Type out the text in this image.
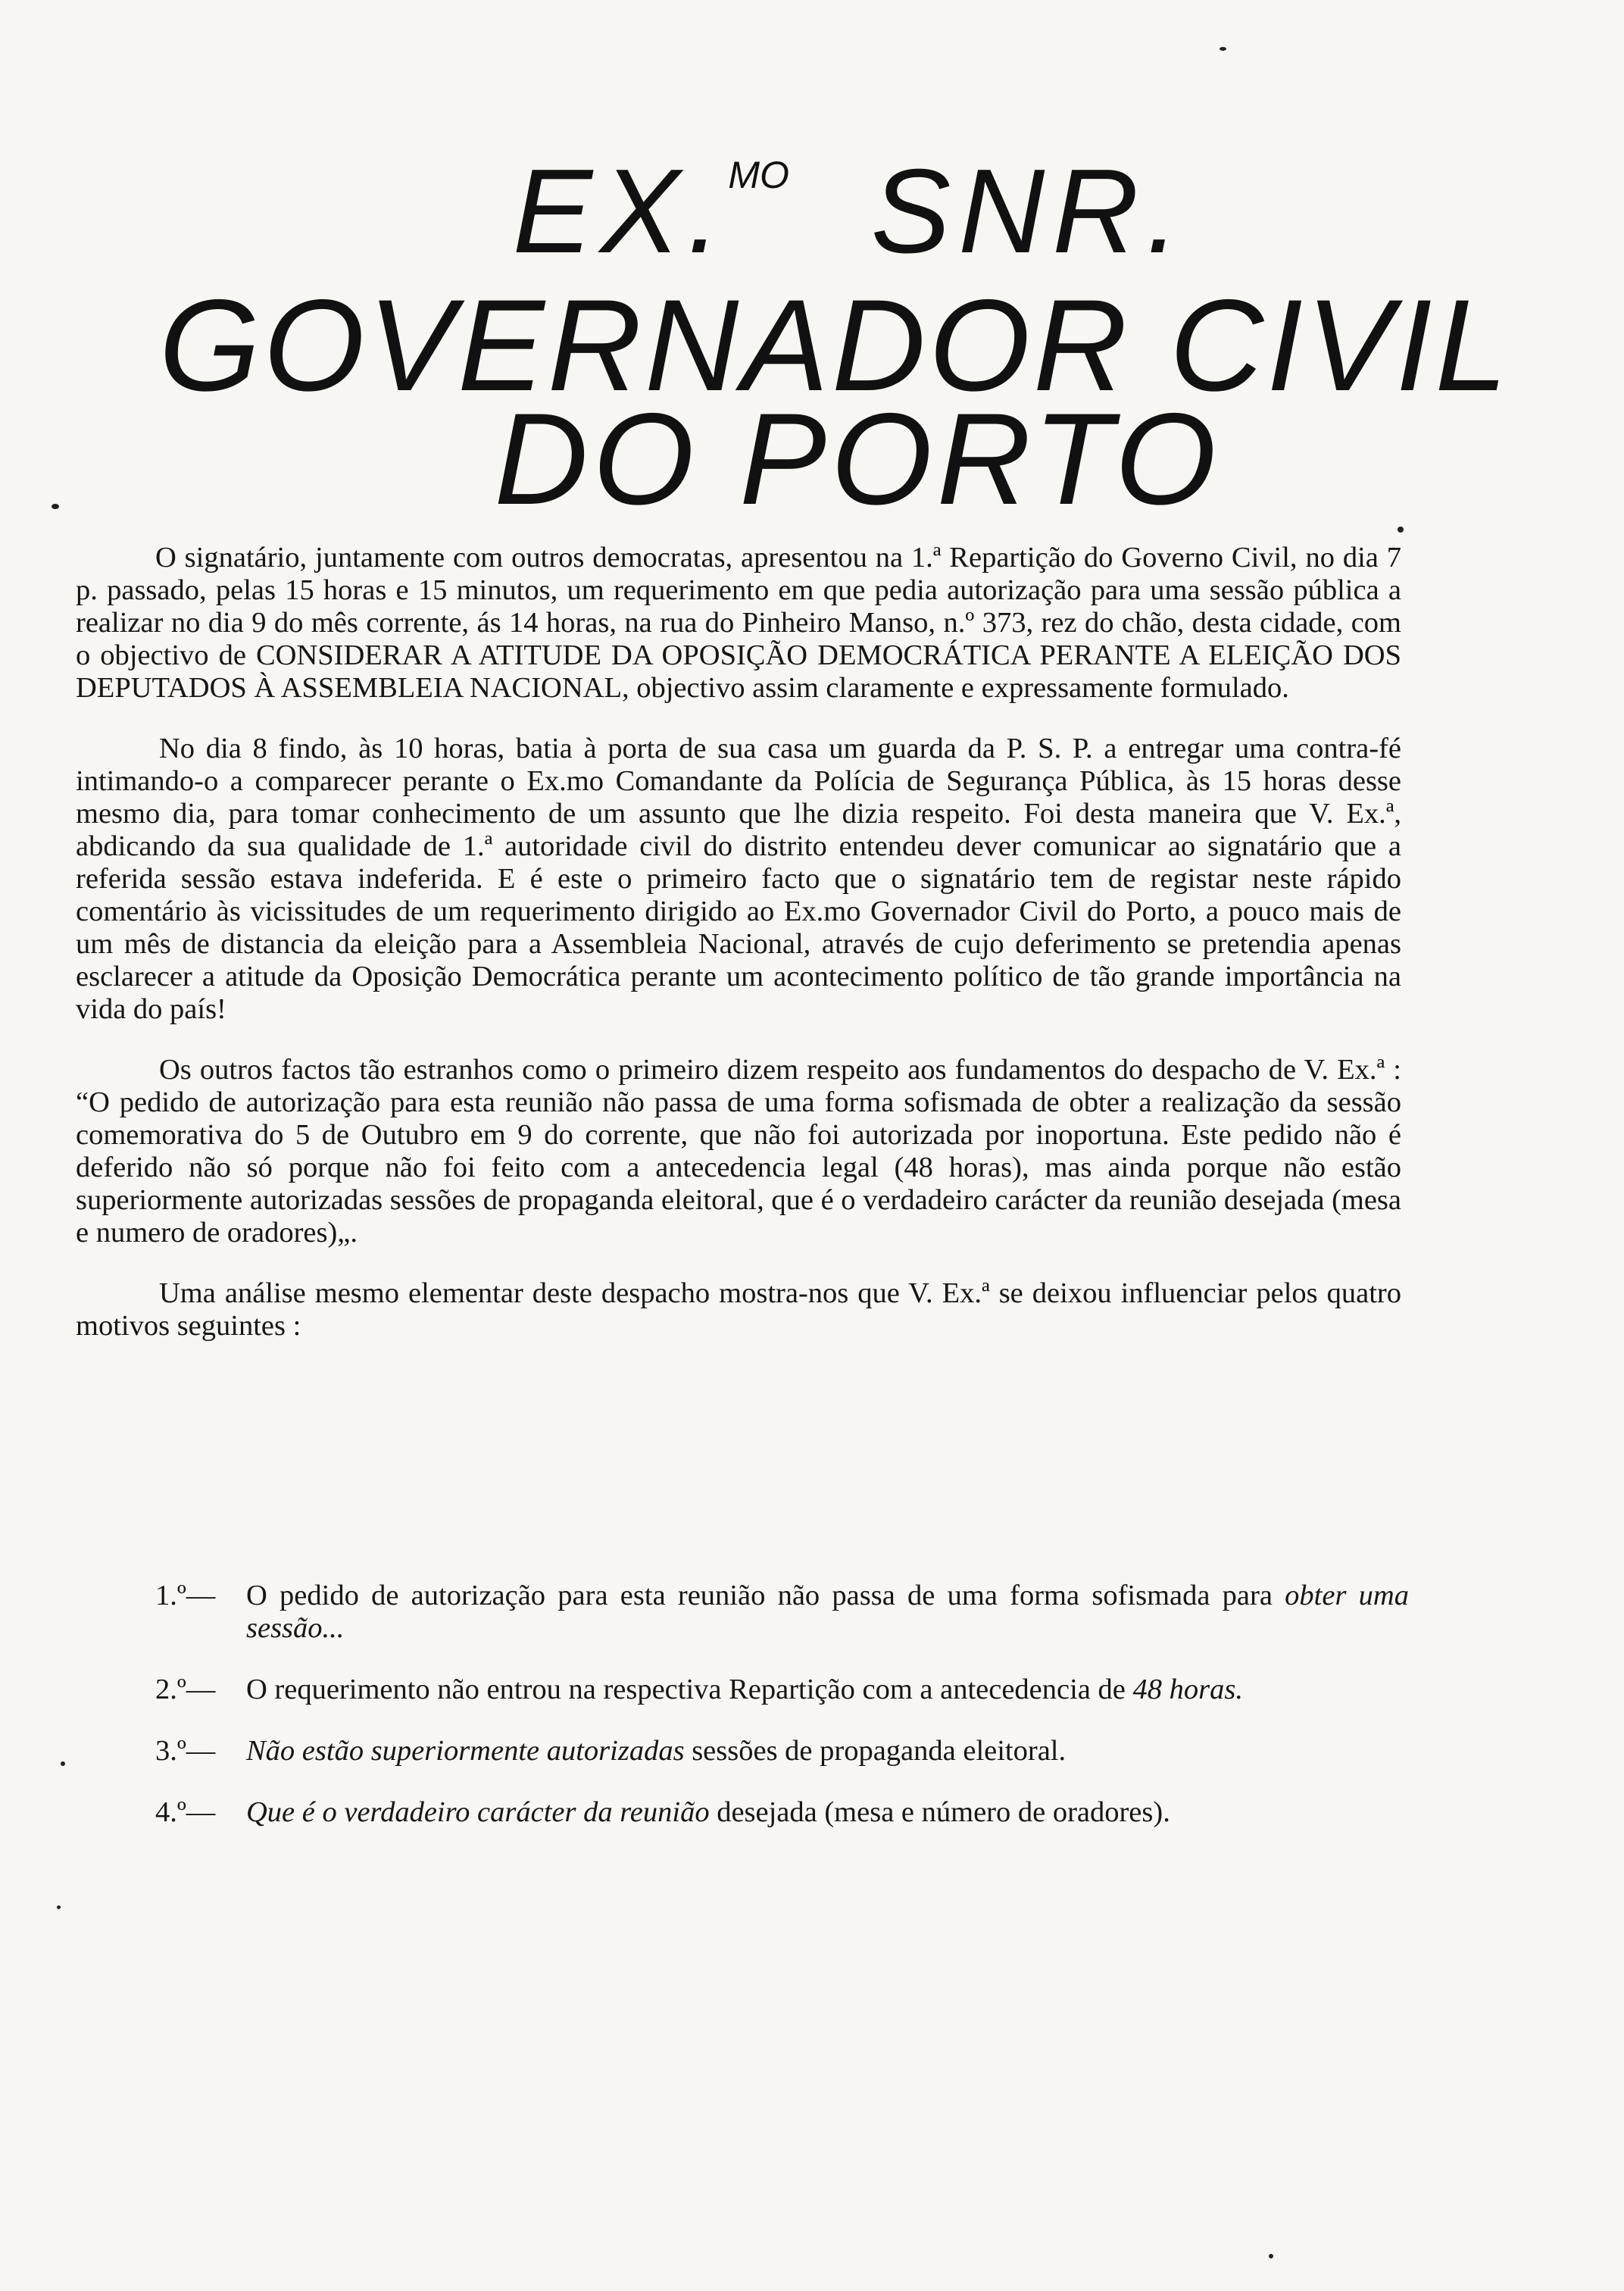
EX.$^{MO}$ SNR.
GOVERNADOR CIVIL
DO PORTO

O signatário, juntamente com outros democratas, apresentou na 1.ª Repartição do Governo Civil, no dia 7 p. passado, pelas 15 horas e 15 minutos, um requerimento em que pedia autorização para uma sessão pública a realizar no dia 9 do mês corrente, ás 14 horas, na rua do Pinheiro Manso, n.º 373, rez do chão, desta cidade, com o objectivo de CONSIDERAR A ATITUDE DA OPOSIÇÃO DEMOCRÁTICA PERANTE A ELEIÇÃO DOS DEPUTADOS À ASSEMBLEIA NACIONAL, objectivo assim claramente e expressamente formulado.

No dia 8 findo, às 10 horas, batia à porta de sua casa um guarda da P. S. P. a entregar uma contra-fé intimando-o a comparecer perante o Ex.mo Comandante da Polícia de Segurança Pública, às 15 horas desse mesmo dia, para tomar conhecimento de um assunto que lhe dizia respeito. Foi desta maneira que V. Ex.ª, abdicando da sua qualidade de 1.ª autoridade civil do distrito entendeu dever comunicar ao signatário que a referida sessão estava indeferida. E é este o primeiro facto que o signatário tem de registar neste rápido comentário às vicissitudes de um requerimento dirigido ao Ex.mo Governador Civil do Porto, a pouco mais de um mês de distancia da eleição para a Assembleia Nacional, através de cujo deferimento se pretendia apenas esclarecer a atitude da Oposição Democrática perante um acontecimento político de tão grande importância na vida do país!

Os outros factos tão estranhos como o primeiro dizem respeito aos fundamentos do despacho de V. Ex.ª : “O pedido de autorização para esta reunião não passa de uma forma sofismada de obter a realização da sessão comemorativa do 5 de Outubro em 9 do corrente, que não foi autorizada por inoportuna. Este pedido não é deferido não só porque não foi feito com a antecedencia legal (48 horas), mas ainda porque não estão superiormente autorizadas sessões de propaganda eleitoral, que é o verdadeiro carácter da reunião desejada (mesa e numero de oradores)„.

Uma análise mesmo elementar deste despacho mostra-nos que V. Ex.ª se deixou influenciar pelos quatro motivos seguintes :

1.º— O pedido de autorização para esta reunião não passa de uma forma sofismada para obter uma sessão...
2.º— O requerimento não entrou na respectiva Repartição com a antecedencia de 48 horas.
3.º— Não estão superiormente autorizadas sessões de propaganda eleitoral.
4.º— Que é o verdadeiro carácter da reunião desejada (mesa e número de oradores).
